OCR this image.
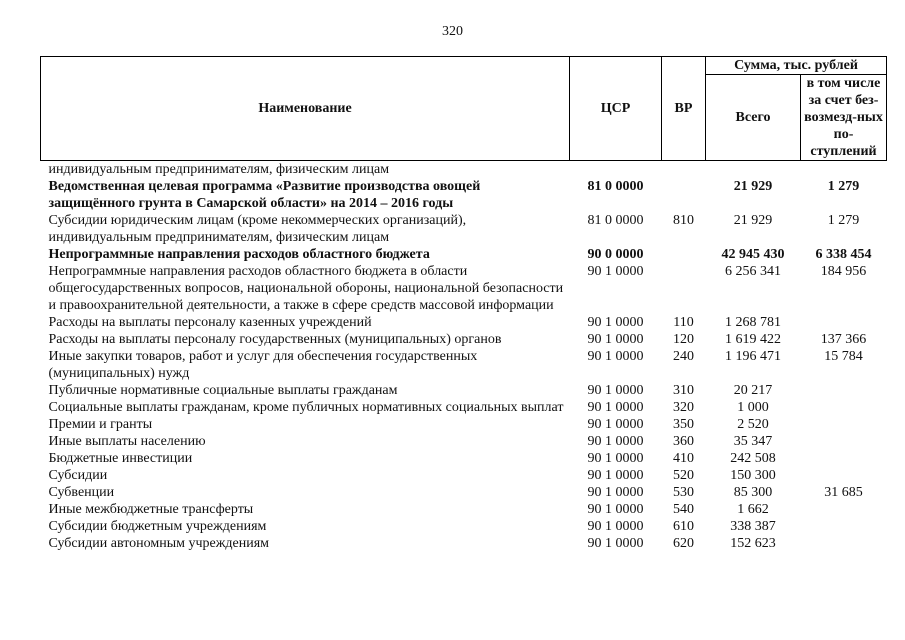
320
Наименование	ЦСР	ВР	Сумма, тыс. рублей	
			Всего	в том числе за счет без-возмезд-ных по-ступлений
индивидуальным предпринимателям, физическим лицам				
Ведомственная целевая программа «Развитие производства овощей защищённого грунта в Самарской области» на 2014 – 2016 годы	81 0 0000		21 929	1 279
Субсидии юридическим лицам (кроме некоммерческих организаций), индивидуальным предпринимателям, физическим лицам	81 0 0000	810	21 929	1 279
Непрограммные направления расходов областного бюджета	90 0 0000		42 945 430	6 338 454
Непрограммные направления расходов областного бюджета в области общегосударственных вопросов, национальной обороны, национальной безопасности и правоохранительной деятельности, а также в сфере средств массовой информации	90 1 0000		6 256 341	184 956
Расходы на выплаты персоналу казенных учреждений	90 1 0000	110	1 268 781	
Расходы на выплаты персоналу государственных (муниципальных) органов	90 1 0000	120	1 619 422	137 366
Иные закупки товаров, работ и услуг для обеспечения государственных (муниципальных) нужд	90 1 0000	240	1 196 471	15 784
Публичные нормативные социальные выплаты гражданам	90 1 0000	310	20 217	
Социальные выплаты гражданам, кроме публичных нормативных социальных выплат	90 1 0000	320	1 000	
Премии и гранты	90 1 0000	350	2 520	
Иные выплаты населению	90 1 0000	360	35 347	
Бюджетные инвестиции	90 1 0000	410	242 508	
Субсидии	90 1 0000	520	150 300	
Субвенции	90 1 0000	530	85 300	31 685
Иные межбюджетные трансферты	90 1 0000	540	1 662	
Субсидии бюджетным учреждениям	90 1 0000	610	338 387	
Субсидии автономным учреждениям	90 1 0000	620	152 623	
